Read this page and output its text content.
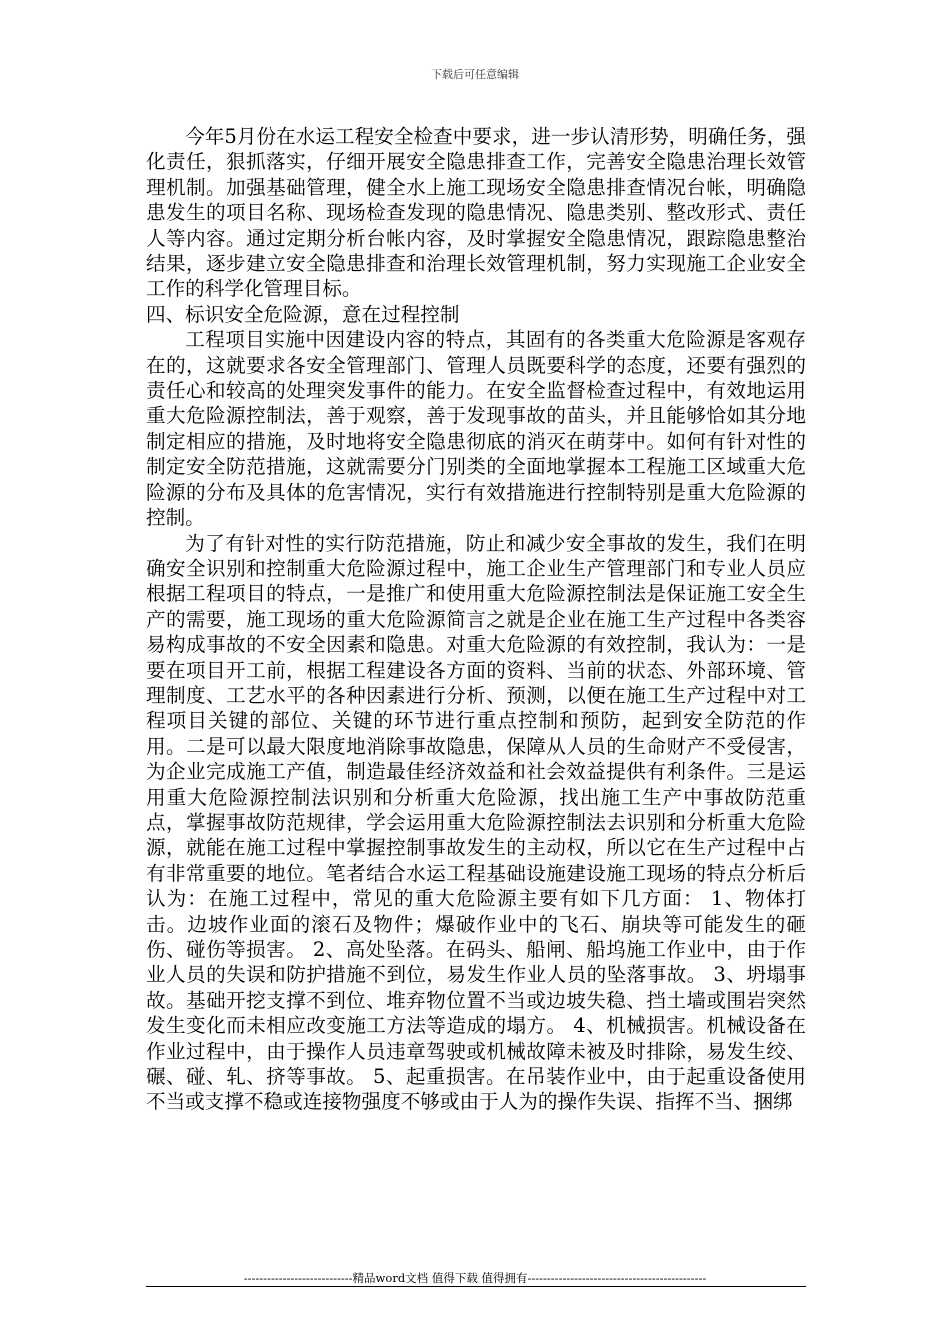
下载后可任意编辑

今年5月份在水运工程安全检查中要求，进一步认清形势，明确任务，强化责任，狠抓落实，仔细开展安全隐患排查工作，完善安全隐患治理长效管理机制。加强基础管理，健全水上施工现场安全隐患排查情况台帐，明确隐患发生的项目名称、现场检查发现的隐患情况、隐患类别、整改形式、责任人等内容。通过定期分析台帐内容，及时掌握安全隐患情况，跟踪隐患整治结果，逐步建立安全隐患排查和治理长效管理机制，努力实现施工企业安全工作的科学化管理目标。

四、标识安全危险源，意在过程控制

工程项目实施中因建设内容的特点，其固有的各类重大危险源是客观存在的，这就要求各安全管理部门、管理人员既要科学的态度，还要有强烈的责任心和较高的处理突发事件的能力。在安全监督检查过程中，有效地运用重大危险源控制法，善于观察，善于发现事故的苗头，并且能够恰如其分地制定相应的措施，及时地将安全隐患彻底的消灭在萌芽中。如何有针对性的制定安全防范措施，这就需要分门别类的全面地掌握本工程施工区域重大危险源的分布及具体的危害情况，实行有效措施进行控制特别是重大危险源的控制。

为了有针对性的实行防范措施，防止和减少安全事故的发生，我们在明确安全识别和控制重大危险源过程中，施工企业生产管理部门和专业人员应根据工程项目的特点，一是推广和使用重大危险源控制法是保证施工安全生产的需要，施工现场的重大危险源简言之就是企业在施工生产过程中各类容易构成事故的不安全因素和隐患。对重大危险源的有效控制，我认为：一是要在项目开工前，根据工程建设各方面的资料、当前的状态、外部环境、管理制度、工艺水平的各种因素进行分析、预测，以便在施工生产过程中对工程项目关键的部位、关键的环节进行重点控制和预防，起到安全防范的作用。二是可以最大限度地消除事故隐患，保障从人员的生命财产不受侵害，为企业完成施工产值，制造最佳经济效益和社会效益提供有利条件。三是运用重大危险源控制法识别和分析重大危险源，找出施工生产中事故防范重点，掌握事故防范规律，学会运用重大危险源控制法去识别和分析重大危险源，就能在施工过程中掌握控制事故发生的主动权，所以它在生产过程中占有非常重要的地位。笔者结合水运工程基础设施建设施工现场的特点分析后认为：在施工过程中，常见的重大危险源主要有如下几方面： 1、物体打击。边坡作业面的滚石及物件；爆破作业中的飞石、崩块等可能发生的砸伤、碰伤等损害。 2、高处坠落。在码头、船闸、船坞施工作业中，由于作业人员的失误和防护措施不到位，易发生作业人员的坠落事故。 3、坍塌事故。基础开挖支撑不到位、堆弃物位置不当或边坡失稳、挡土墙或围岩突然发生变化而未相应改变施工方法等造成的塌方。 4、机械损害。机械设备在作业过程中，由于操作人员违章驾驶或机械故障未被及时排除，易发生绞、碾、碰、轧、挤等事故。 5、起重损害。在吊装作业中，由于起重设备使用不当或支撑不稳或连接物强度不够或由于人为的操作失误、指挥不当、捆绑

----------------------------精品word文档 值得下载 值得拥有----------------------------------------------
